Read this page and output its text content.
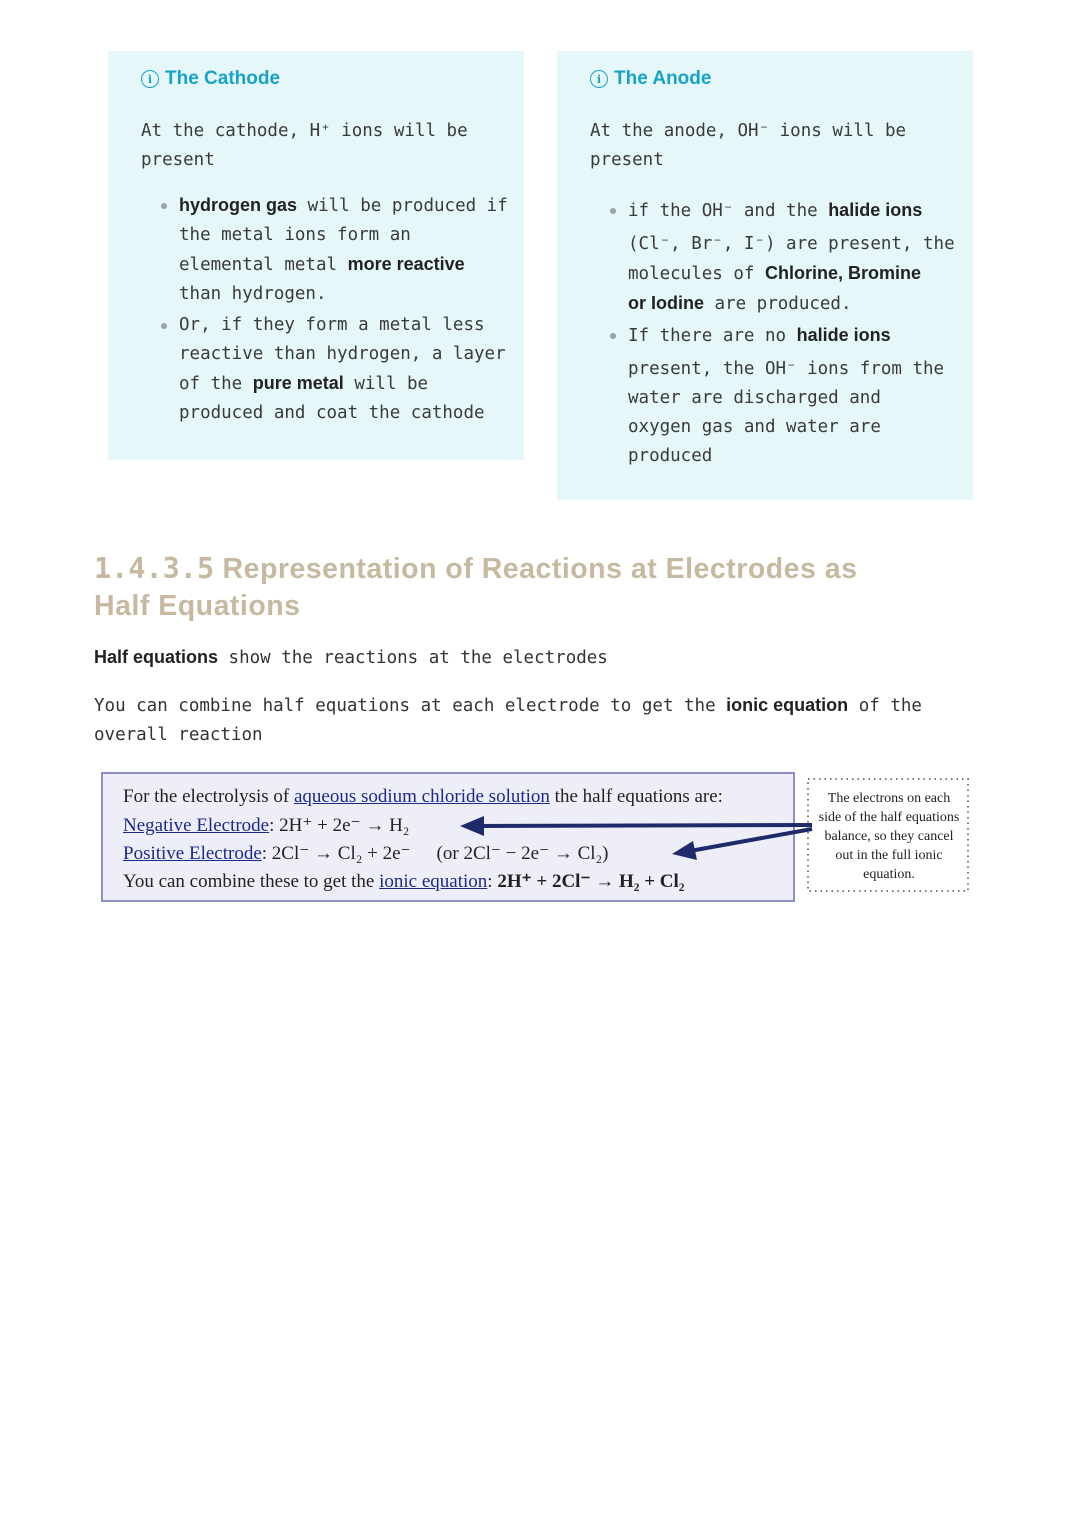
i The Cathode
At the cathode, H⁺ ions will be
present
hydrogen gas will be produced if
the metal ions form an
elemental metal more reactive
than hydrogen.
Or, if they form a metal less
reactive than hydrogen, a layer
of the pure metal will be
produced and coat the cathode
i The Anode
At the anode, OH⁻ ions will be
present
if the OH⁻ and the halide ions
(Cl⁻, Br⁻, I⁻) are present, the
molecules of Chlorine, Bromine
or Iodine are produced.
If there are no halide ions
present, the OH⁻ ions from the
water are discharged and
oxygen gas and water are
produced
1.4.3.5 Representation of Reactions at Electrodes as
Half Equations
Half equations show the reactions at the electrodes
You can combine half equations at each electrode to get the ionic equation of the
overall reaction
For the electrolysis of aqueous sodium chloride solution the half equations are:
Negative Electrode: 2H⁺ + 2e⁻ → H₂
Positive Electrode: 2Cl⁻ → Cl₂ + 2e⁻ (or 2Cl⁻ − 2e⁻ → Cl₂)
You can combine these to get the ionic equation: 2H⁺ + 2Cl⁻ → H₂ + Cl₂
The electrons on each side of the half equations balance, so they cancel out in the full ionic equation.
